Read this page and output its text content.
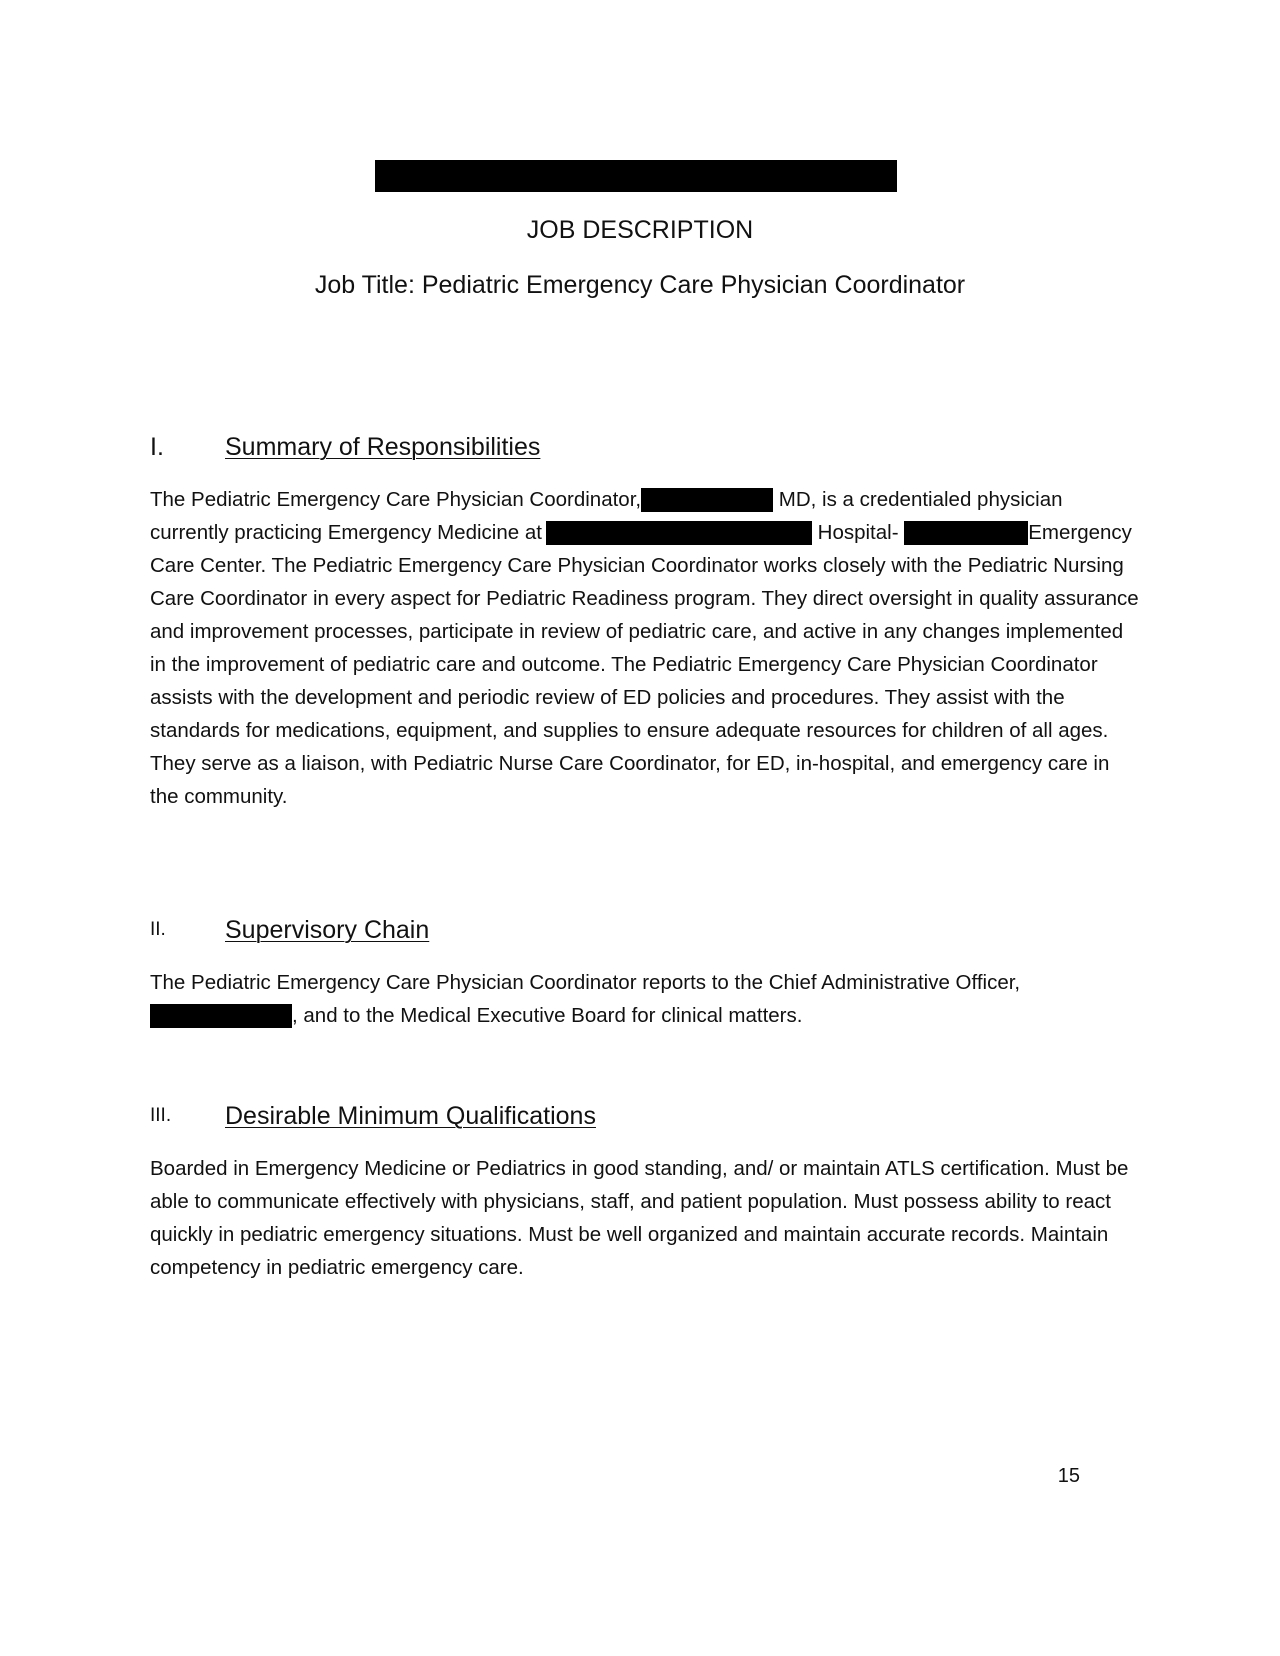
JOB DESCRIPTION
Job Title: Pediatric Emergency Care Physician Coordinator
I. Summary of Responsibilities
The Pediatric Emergency Care Physician Coordinator,	MD, is a credentialed physician currently practicing Emergency Medicine at	Hospital-	Emergency Care Center. The Pediatric Emergency Care Physician Coordinator works closely with the Pediatric Nursing Care Coordinator in every aspect for Pediatric Readiness program. They direct oversight in quality assurance and improvement processes, participate in review of pediatric care, and active in any changes implemented in the improvement of pediatric care and outcome. The Pediatric Emergency Care Physician Coordinator assists with the development and periodic review of ED policies and procedures. They assist with the standards for medications, equipment, and supplies to ensure adequate resources for children of all ages. They serve as a liaison, with Pediatric Nurse Care Coordinator, for ED, in-hospital, and emergency care in the community.
II. Supervisory Chain
The Pediatric Emergency Care Physician Coordinator reports to the Chief Administrative Officer, , and to the Medical Executive Board for clinical matters.
III. Desirable Minimum Qualifications
Boarded in Emergency Medicine or Pediatrics in good standing, and/ or maintain ATLS certification. Must be able to communicate effectively with physicians, staff, and patient population. Must possess ability to react quickly in pediatric emergency situations. Must be well organized and maintain accurate records. Maintain competency in pediatric emergency care.
15
